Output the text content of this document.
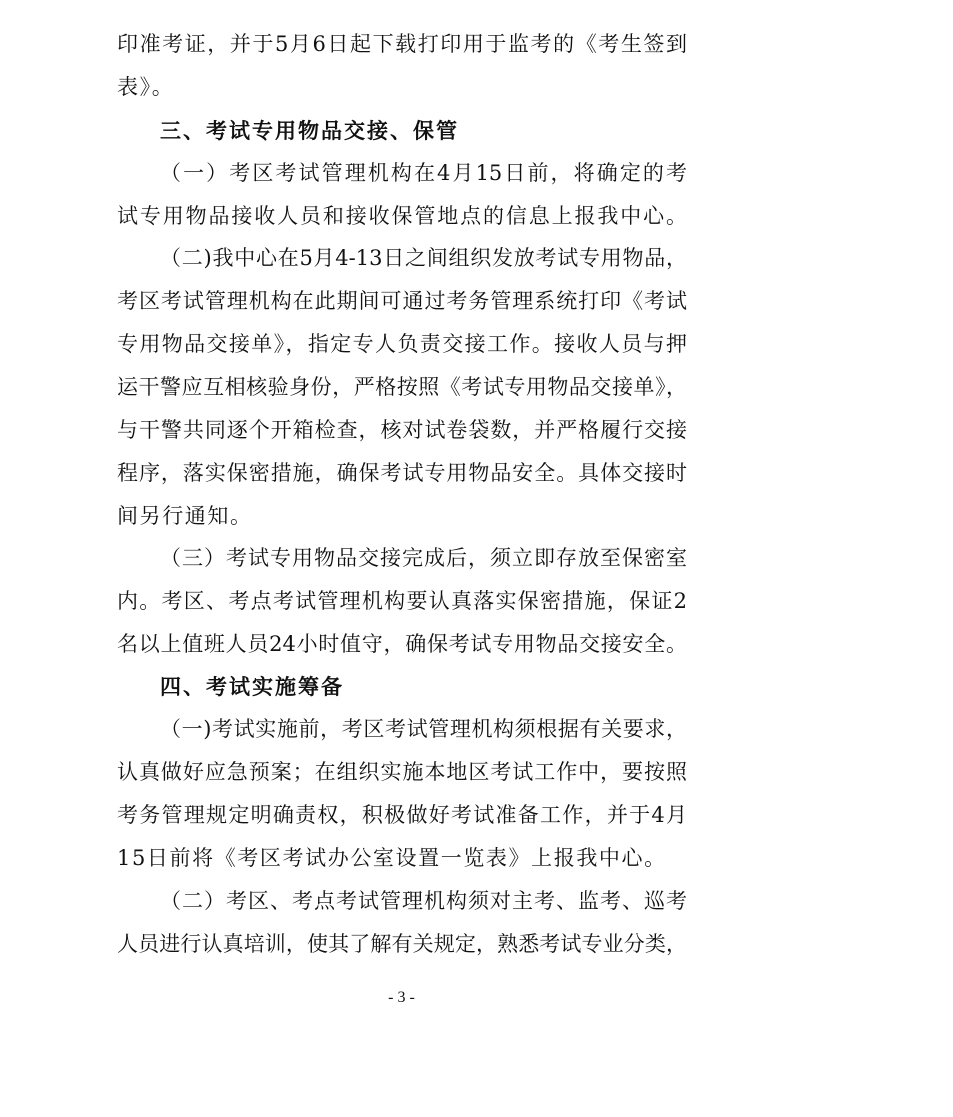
印准考证，并于5月6日起下载打印用于监考的《考生签到
表》。
三、考试专用物品交接、保管
（一）考区考试管理机构在4月15日前，将确定的考
试专用物品接收人员和接收保管地点的信息上报我中心。
（二)我中心在5月4-13日之间组织发放考试专用物品，
考区考试管理机构在此期间可通过考务管理系统打印《考试
专用物品交接单》，指定专人负责交接工作。接收人员与押
运干警应互相核验身份，严格按照《考试专用物品交接单》，
与干警共同逐个开箱检查，核对试卷袋数，并严格履行交接
程序，落实保密措施，确保考试专用物品安全。具体交接时
间另行通知。
（三）考试专用物品交接完成后，须立即存放至保密室
内。考区、考点考试管理机构要认真落实保密措施，保证2
名以上值班人员24小时值守，确保考试专用物品交接安全。
四、考试实施筹备
（一)考试实施前，考区考试管理机构须根据有关要求，
认真做好应急预案；在组织实施本地区考试工作中，要按照
考务管理规定明确责权，积极做好考试准备工作，并于4月
15日前将《考区考试办公室设置一览表》上报我中心。
（二）考区、考点考试管理机构须对主考、监考、巡考
人员进行认真培训，使其了解有关规定，熟悉考试专业分类，
- 3 -
